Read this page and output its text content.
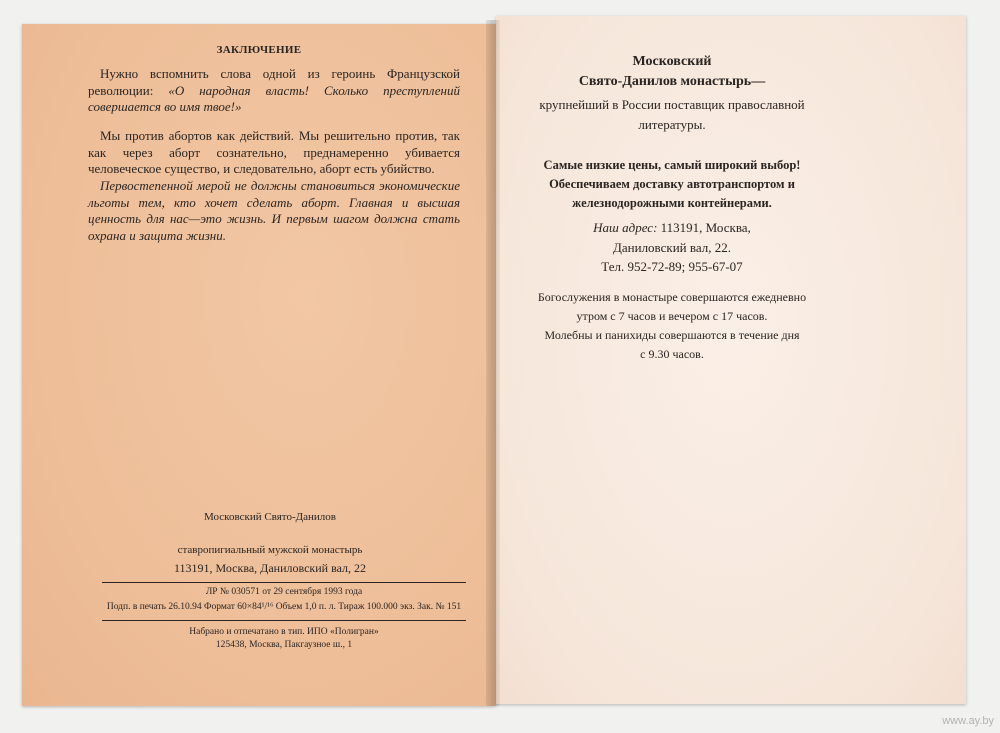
ЗАКЛЮЧЕНИЕ
Нужно вспомнить слова одной из героинь Французской революции: «О народная власть! Сколько преступлений совершается во имя твое!»
Мы против абортов как действий. Мы решительно против, так как через аборт сознательно, преднамеренно убивается человеческое существо, и следовательно, аборт есть убийство.
Первостепенной мерой не должны становиться экономические льготы тем, кто хочет сделать аборт. Главная и высшая ценность для нас—это жизнь. И первым шагом должна стать охрана и защита жизни.
Московский Свято-Данилов
ставропигиальный мужской монастырь
113191, Москва, Даниловский вал, 22
ЛР № 030571 от 29 сентября 1993 года
Подп. в печать 26.10.94 Формат 60×84¹/¹⁶ Объем 1,0 п. л. Тираж 100.000 экз. Зак. № 151
Набрано и отпечатано в тип. ИПО «Полигран»
125438, Москва, Пакгаузное ш., 1
Московский
Свято-Данилов монастырь—
крупнейший в России поставщик православной
литературы.
Самые низкие цены, самый широкий выбор!
Обеспечиваем доставку автотранспортом и
железнодорожными контейнерами.
Наш адрес: 113191, Москва,
Даниловский вал, 22.
Тел. 952-72-89; 955-67-07
Богослужения в монастыре совершаются ежедневно
утром с 7 часов и вечером с 17 часов.
Молебны и панихиды совершаются в течение дня
с 9.30 часов.
www.ay.by
